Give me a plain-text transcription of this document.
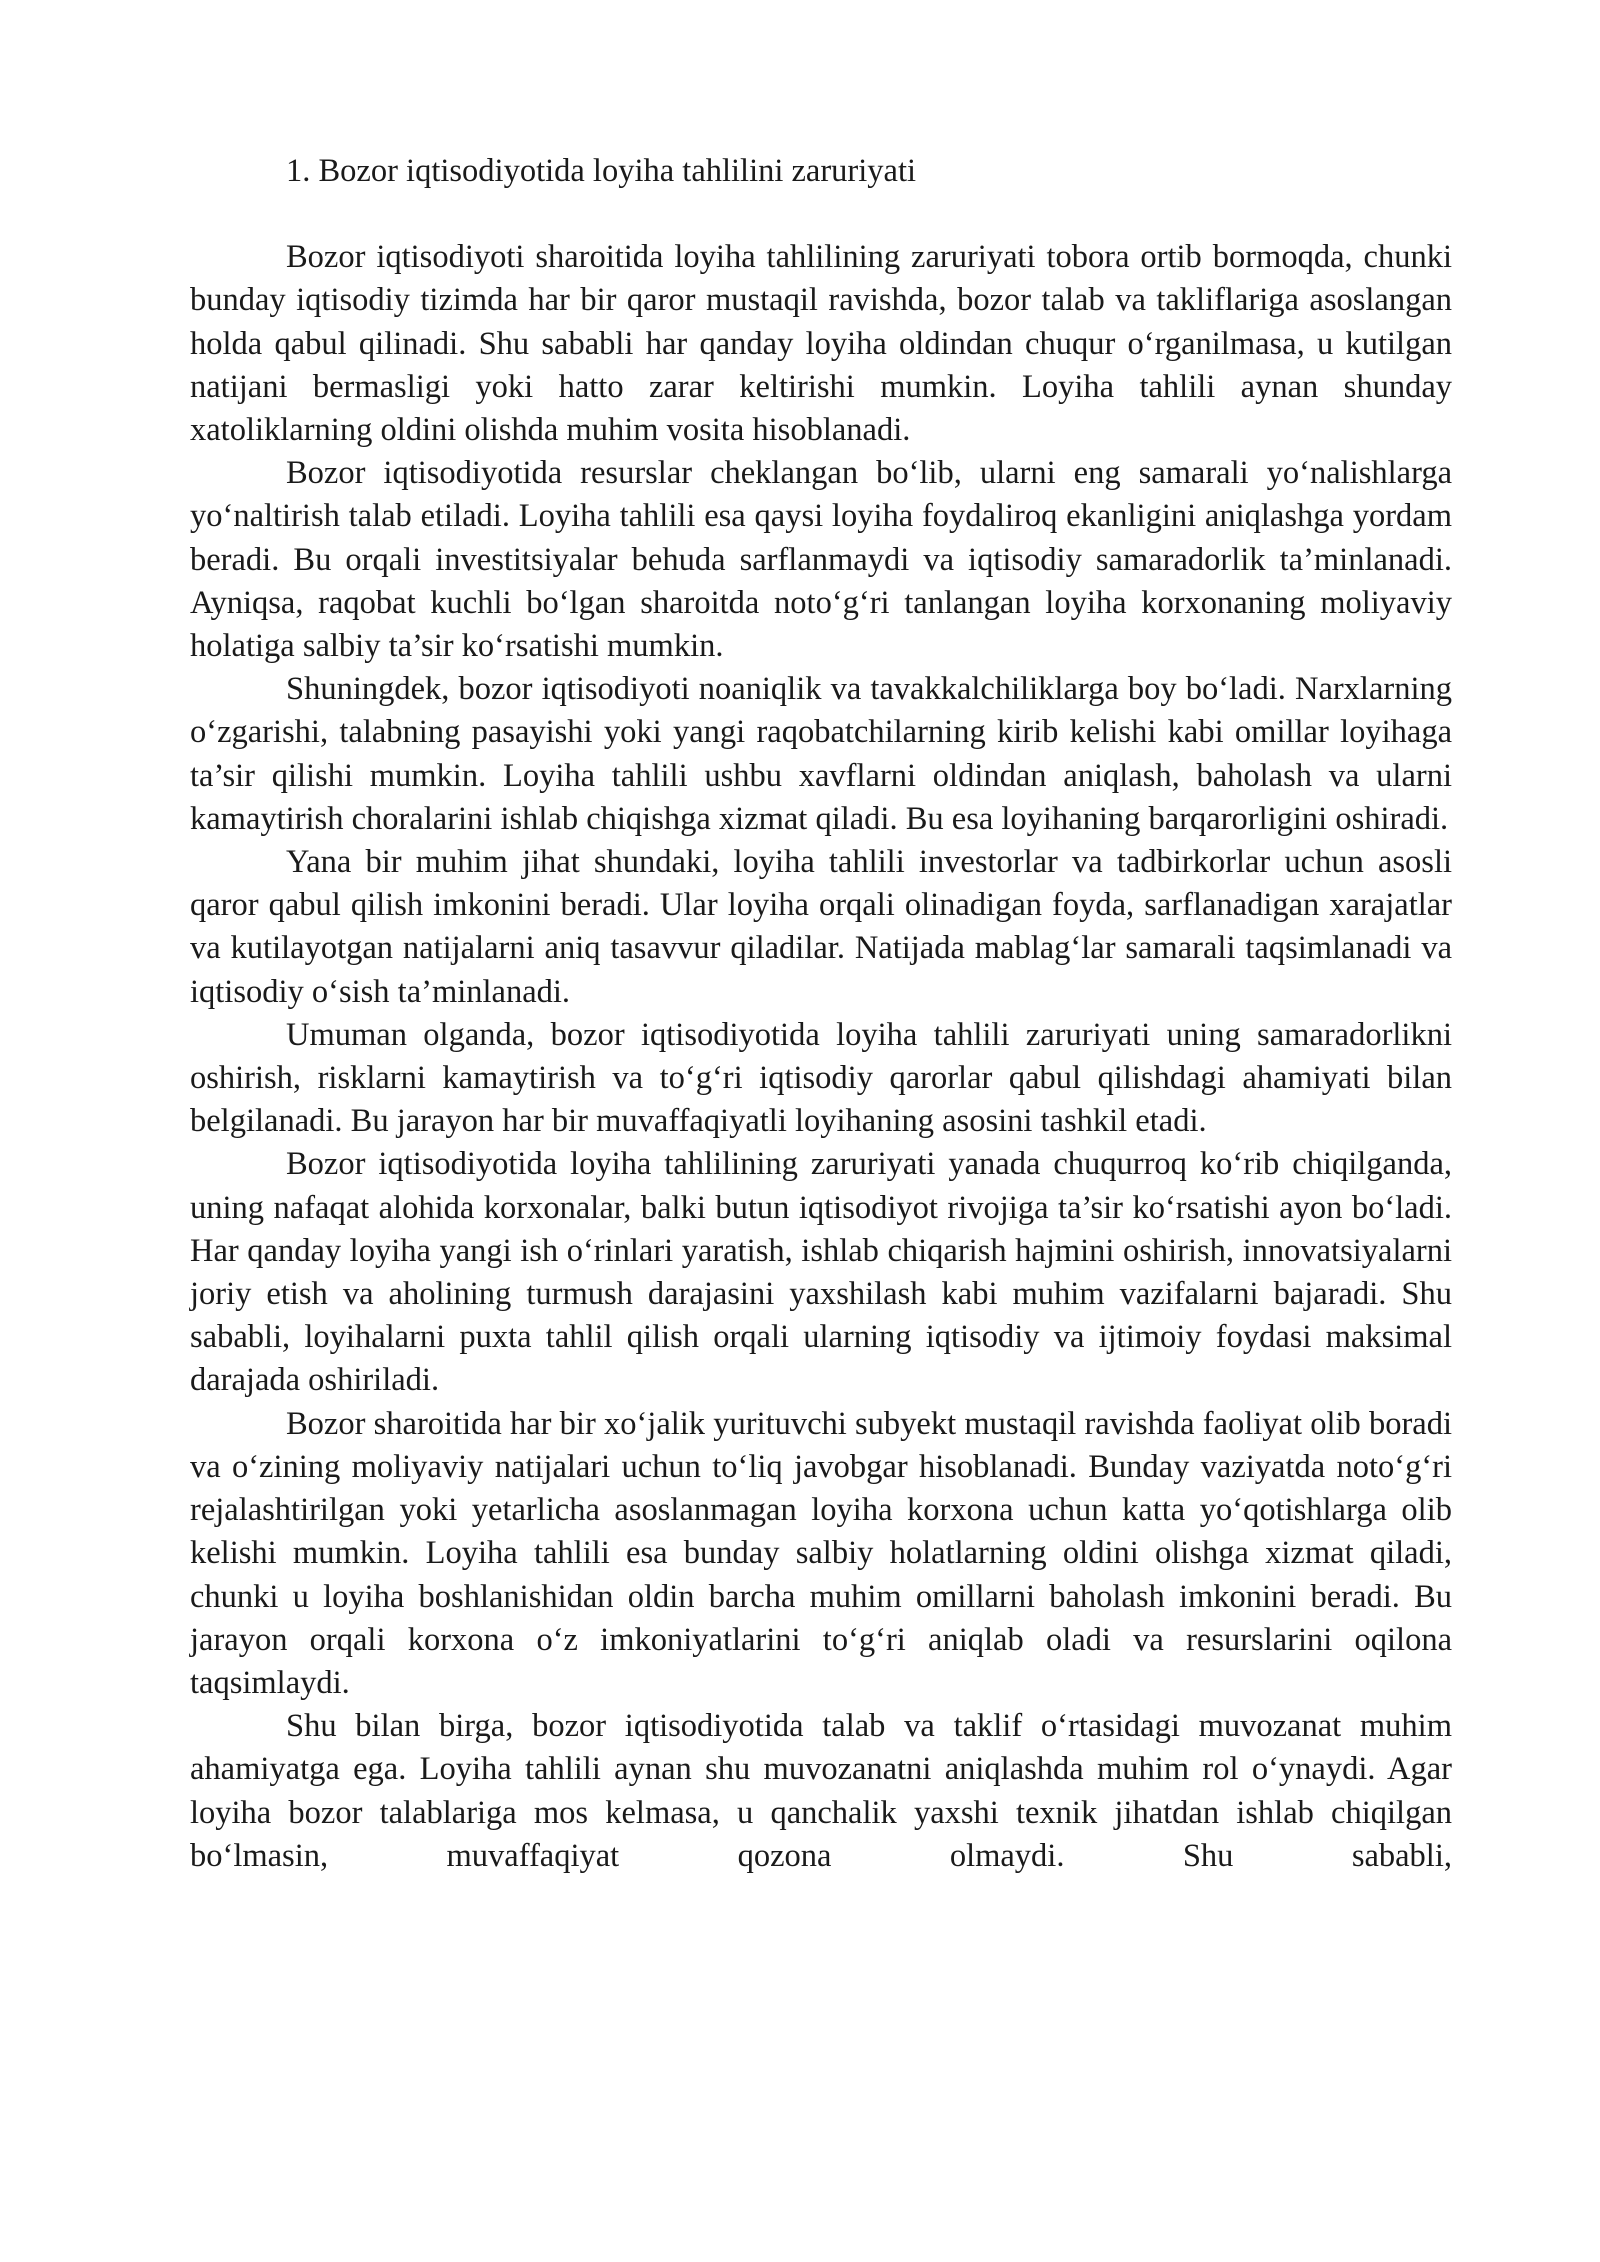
1. Bozor iqtisodiyotida loyiha tahlilini zaruriyati

Bozor iqtisodiyoti sharoitida loyiha tahlilining zaruriyati tobora ortib bormoqda, chunki bunday iqtisodiy tizimda har bir qaror mustaqil ravishda, bozor talab va takliflariga asoslangan holda qabul qilinadi. Shu sababli har qanday loyiha oldindan chuqur o‘rganilmasa, u kutilgan natijani bermasligi yoki hatto zarar keltirishi mumkin. Loyiha tahlili aynan shunday xatoliklarning oldini olishda muhim vosita hisoblanadi.

Bozor iqtisodiyotida resurslar cheklangan bo‘lib, ularni eng samarali yo‘nalishlarga yo‘naltirish talab etiladi. Loyiha tahlili esa qaysi loyiha foydaliroq ekanligini aniqlashga yordam beradi. Bu orqali investitsiyalar behuda sarflanmaydi va iqtisodiy samaradorlik ta’minlanadi. Ayniqsa, raqobat kuchli bo‘lgan sharoitda noto‘g‘ri tanlangan loyiha korxonaning moliyaviy holatiga salbiy ta’sir ko‘rsatishi mumkin.

Shuningdek, bozor iqtisodiyoti noaniqlik va tavakkalchiliklarga boy bo‘ladi. Narxlarning o‘zgarishi, talabning pasayishi yoki yangi raqobatchilarning kirib kelishi kabi omillar loyihaga ta’sir qilishi mumkin. Loyiha tahlili ushbu xavflarni oldindan aniqlash, baholash va ularni kamaytirish choralarini ishlab chiqishga xizmat qiladi. Bu esa loyihaning barqarorligini oshiradi.

Yana bir muhim jihat shundaki, loyiha tahlili investorlar va tadbirkorlar uchun asosli qaror qabul qilish imkonini beradi. Ular loyiha orqali olinadigan foyda, sarflanadigan xarajatlar va kutilayotgan natijalarni aniq tasavvur qiladilar. Natijada mablag‘lar samarali taqsimlanadi va iqtisodiy o‘sish ta’minlanadi.

Umuman olganda, bozor iqtisodiyotida loyiha tahlili zaruriyati uning samaradorlikni oshirish, risklarni kamaytirish va to‘g‘ri iqtisodiy qarorlar qabul qilishdagi ahamiyati bilan belgilanadi. Bu jarayon har bir muvaffaqiyatli loyihaning asosini tashkil etadi.

Bozor iqtisodiyotida loyiha tahlilining zaruriyati yanada chuqurroq ko‘rib chiqilganda, uning nafaqat alohida korxonalar, balki butun iqtisodiyot rivojiga ta’sir ko‘rsatishi ayon bo‘ladi. Har qanday loyiha yangi ish o‘rinlari yaratish, ishlab chiqarish hajmini oshirish, innovatsiyalarni joriy etish va aholining turmush darajasini yaxshilash kabi muhim vazifalarni bajaradi. Shu sababli, loyihalarni puxta tahlil qilish orqali ularning iqtisodiy va ijtimoiy foydasi maksimal darajada oshiriladi.

Bozor sharoitida har bir xo‘jalik yurituvchi subyekt mustaqil ravishda faoliyat olib boradi va o‘zining moliyaviy natijalari uchun to‘liq javobgar hisoblanadi. Bunday vaziyatda noto‘g‘ri rejalashtirilgan yoki yetarlicha asoslanmagan loyiha korxona uchun katta yo‘qotishlarga olib kelishi mumkin. Loyiha tahlili esa bunday salbiy holatlarning oldini olishga xizmat qiladi, chunki u loyiha boshlanishidan oldin barcha muhim omillarni baholash imkonini beradi. Bu jarayon orqali korxona o‘z imkoniyatlarini to‘g‘ri aniqlab oladi va resurslarini oqilona taqsimlaydi.

Shu bilan birga, bozor iqtisodiyotida talab va taklif o‘rtasidagi muvozanat muhim ahamiyatga ega. Loyiha tahlili aynan shu muvozanatni aniqlashda muhim rol o‘ynaydi. Agar loyiha bozor talablariga mos kelmasa, u qanchalik yaxshi texnik jihatdan ishlab chiqilgan bo‘lmasin, muvaffaqiyat qozona olmaydi. Shu sababli,
